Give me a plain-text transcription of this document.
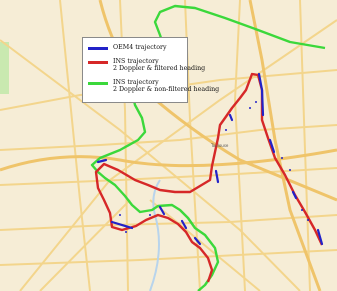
Toulouse
OEM4 trajectory
INS trajectory
2 Doppler & filtered heading
INS trajectory
2 Doppler & non-filtered heading
